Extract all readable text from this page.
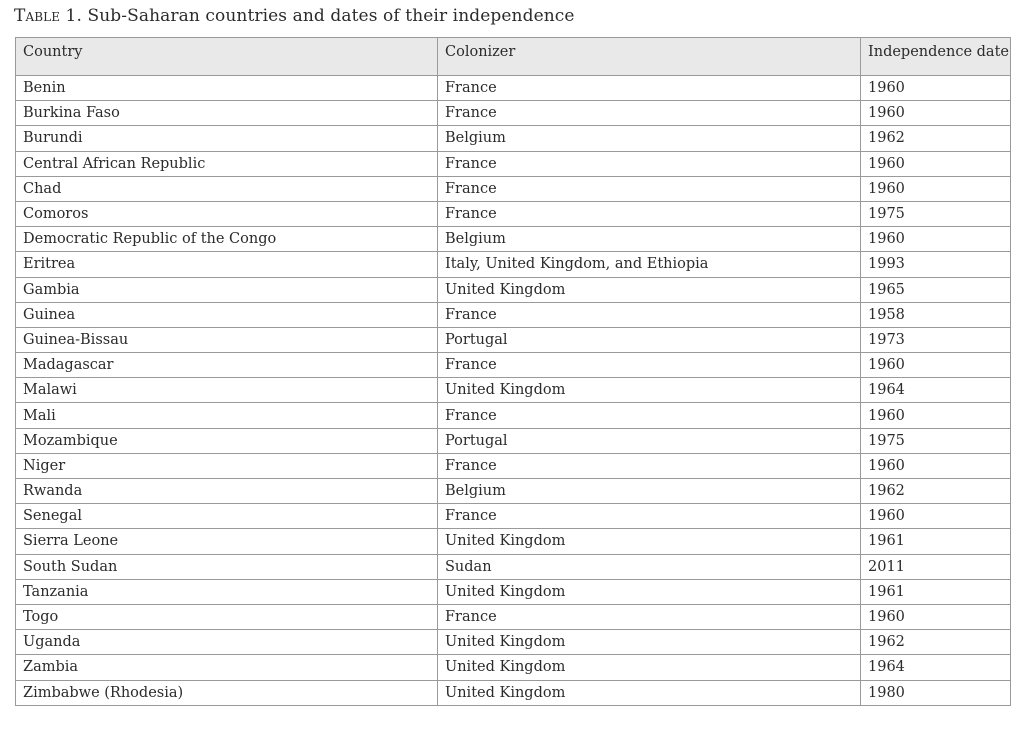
Table 1. Sub-Saharan countries and dates of their independence
Country	Colonizer	Independence date
Benin	France	1960
Burkina Faso	France	1960
Burundi	Belgium	1962
Central African Republic	France	1960
Chad	France	1960
Comoros	France	1975
Democratic Republic of the Congo	Belgium	1960
Eritrea	Italy, United Kingdom, and Ethiopia	1993
Gambia	United Kingdom	1965
Guinea	France	1958
Guinea-Bissau	Portugal	1973
Madagascar	France	1960
Malawi	United Kingdom	1964
Mali	France	1960
Mozambique	Portugal	1975
Niger	France	1960
Rwanda	Belgium	1962
Senegal	France	1960
Sierra Leone	United Kingdom	1961
South Sudan	Sudan	2011
Tanzania	United Kingdom	1961
Togo	France	1960
Uganda	United Kingdom	1962
Zambia	United Kingdom	1964
Zimbabwe (Rhodesia)	United Kingdom	1980
